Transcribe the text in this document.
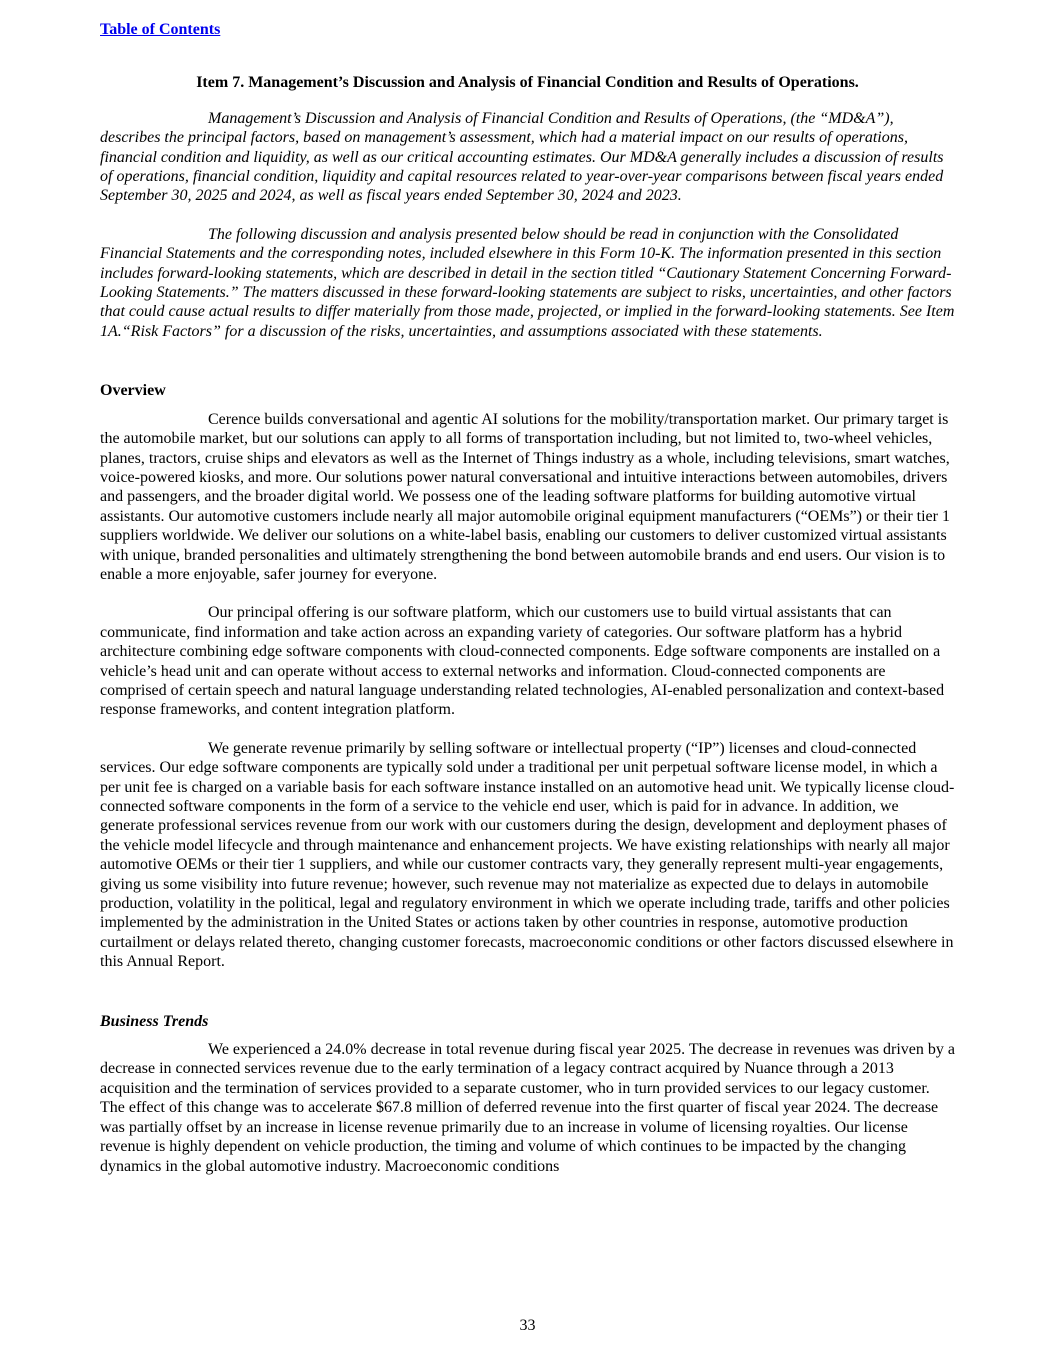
Table of Contents
Item 7. Management’s Discussion and Analysis of Financial Condition and Results of Operations.

Management’s Discussion and Analysis of Financial Condition and Results of Operations, (the “MD&A”), describes the principal factors, based on management’s assessment, which had a material impact on our results of operations, financial condition and liquidity, as well as our critical accounting estimates. Our MD&A generally includes a discussion of results of operations, financial condition, liquidity and capital resources related to year-over-year comparisons between fiscal years ended September 30, 2025 and 2024, as well as fiscal years ended September 30, 2024 and 2023.

The following discussion and analysis presented below should be read in conjunction with the Consolidated Financial Statements and the corresponding notes, included elsewhere in this Form 10-K. The information presented in this section includes forward-looking statements, which are described in detail in the section titled “Cautionary Statement Concerning Forward-Looking Statements.” The matters discussed in these forward-looking statements are subject to risks, uncertainties, and other factors that could cause actual results to differ materially from those made, projected, or implied in the forward-looking statements. See Item 1A.“Risk Factors” for a discussion of the risks, uncertainties, and assumptions associated with these statements.

Overview

Cerence builds conversational and agentic AI solutions for the mobility/transportation market. Our primary target is the automobile market, but our solutions can apply to all forms of transportation including, but not limited to, two-wheel vehicles, planes, tractors, cruise ships and elevators as well as the Internet of Things industry as a whole, including televisions, smart watches, voice-powered kiosks, and more. Our solutions power natural conversational and intuitive interactions between automobiles, drivers and passengers, and the broader digital world. We possess one of the leading software platforms for building automotive virtual assistants. Our automotive customers include nearly all major automobile original equipment manufacturers (“OEMs”) or their tier 1 suppliers worldwide. We deliver our solutions on a white-label basis, enabling our customers to deliver customized virtual assistants with unique, branded personalities and ultimately strengthening the bond between automobile brands and end users. Our vision is to enable a more enjoyable, safer journey for everyone.

Our principal offering is our software platform, which our customers use to build virtual assistants that can communicate, find information and take action across an expanding variety of categories. Our software platform has a hybrid architecture combining edge software components with cloud-connected components. Edge software components are installed on a vehicle’s head unit and can operate without access to external networks and information. Cloud-connected components are comprised of certain speech and natural language understanding related technologies, AI-enabled personalization and context-based response frameworks, and content integration platform.

We generate revenue primarily by selling software or intellectual property (“IP”) licenses and cloud-connected services. Our edge software components are typically sold under a traditional per unit perpetual software license model, in which a per unit fee is charged on a variable basis for each software instance installed on an automotive head unit. We typically license cloud-connected software components in the form of a service to the vehicle end user, which is paid for in advance. In addition, we generate professional services revenue from our work with our customers during the design, development and deployment phases of the vehicle model lifecycle and through maintenance and enhancement projects. We have existing relationships with nearly all major automotive OEMs or their tier 1 suppliers, and while our customer contracts vary, they generally represent multi-year engagements, giving us some visibility into future revenue; however, such revenue may not materialize as expected due to delays in automobile production, volatility in the political, legal and regulatory environment in which we operate including trade, tariffs and other policies implemented by the administration in the United States or actions taken by other countries in response, automotive production curtailment or delays related thereto, changing customer forecasts, macroeconomic conditions or other factors discussed elsewhere in this Annual Report.

Business Trends

We experienced a 24.0% decrease in total revenue during fiscal year 2025. The decrease in revenues was driven by a decrease in connected services revenue due to the early termination of a legacy contract acquired by Nuance through a 2013 acquisition and the termination of services provided to a separate customer, who in turn provided services to our legacy customer. The effect of this change was to accelerate $67.8 million of deferred revenue into the first quarter of fiscal year 2024. The decrease was partially offset by an increase in license revenue primarily due to an increase in volume of licensing royalties. Our license revenue is highly dependent on vehicle production, the timing and volume of which continues to be impacted by the changing dynamics in the global automotive industry. Macroeconomic conditions

33
